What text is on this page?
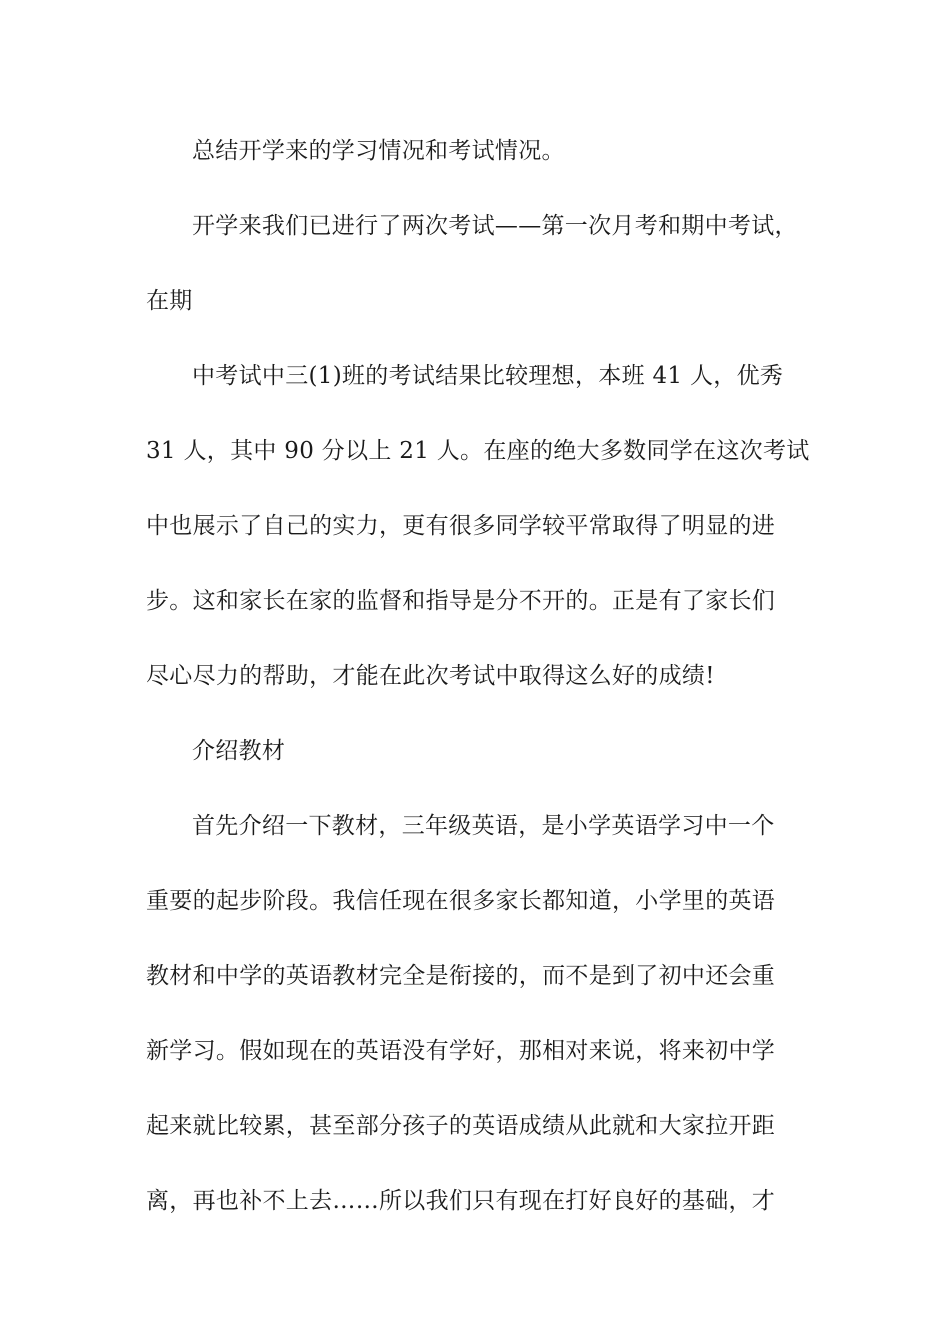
总结开学来的学习情况和考试情况。
开学来我们已进行了两次考试——第一次月考和期中考试，
在期
中考试中三(1)班的考试结果比较理想，本班 41 人，优秀
31 人，其中 90 分以上 21 人。在座的绝大多数同学在这次考试
中也展示了自己的实力，更有很多同学较平常取得了明显的进
步。这和家长在家的监督和指导是分不开的。正是有了家长们
尽心尽力的帮助，才能在此次考试中取得这么好的成绩!
介绍教材
首先介绍一下教材，三年级英语，是小学英语学习中一个
重要的起步阶段。我信任现在很多家长都知道，小学里的英语
教材和中学的英语教材完全是衔接的，而不是到了初中还会重
新学习。假如现在的英语没有学好，那相对来说，将来初中学
起来就比较累，甚至部分孩子的英语成绩从此就和大家拉开距
离，再也补不上去……所以我们只有现在打好良好的基础，才
